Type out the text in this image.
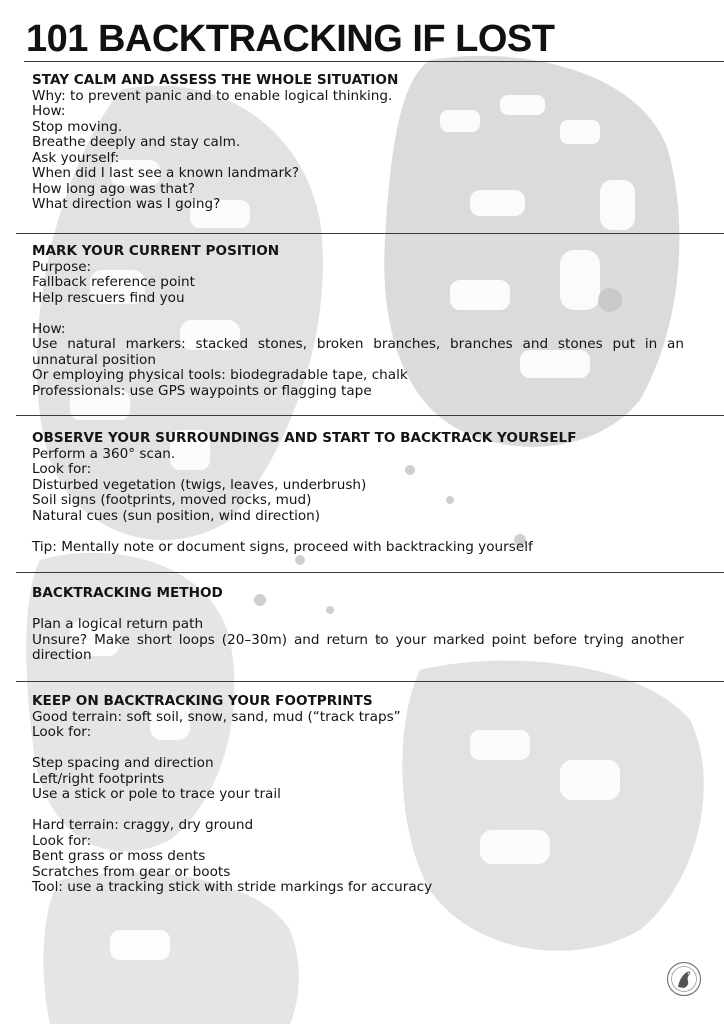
101 BACKTRACKING IF LOST
STAY CALM AND ASSESS THE WHOLE SITUATION
Why: to prevent panic and to enable logical thinking.
How:
Stop moving.
Breathe deeply and stay calm.
Ask yourself:
When did I last see a known landmark?
How long ago was that?
What direction was I going?
MARK YOUR CURRENT POSITION
Purpose:
Fallback reference point
Help rescuers find you
How:
Use natural markers: stacked stones, broken branches, branches and stones put in an unnatural position
Or employing physical tools: biodegradable tape, chalk
Professionals: use GPS waypoints or flagging tape
OBSERVE YOUR SURROUNDINGS AND START TO BACKTRACK YOURSELF
Perform a 360° scan.
Look for:
Disturbed vegetation (twigs, leaves, underbrush)
Soil signs (footprints, moved rocks, mud)
Natural cues (sun position, wind direction)
Tip: Mentally note or document signs, proceed with backtracking yourself
BACKTRACKING METHOD
Plan a logical return path
Unsure? Make short loops (20–30m) and return to your marked point before trying another direction
KEEP ON BACKTRACKING YOUR FOOTPRINTS
Good terrain: soft soil, snow, sand, mud (“track traps”
Look for:
Step spacing and direction
Left/right footprints
Use a stick or pole to trace your trail
Hard terrain: craggy, dry ground
Look for:
Bent grass or moss dents
Scratches from gear or boots
Tool: use a tracking stick with stride markings for accuracy
